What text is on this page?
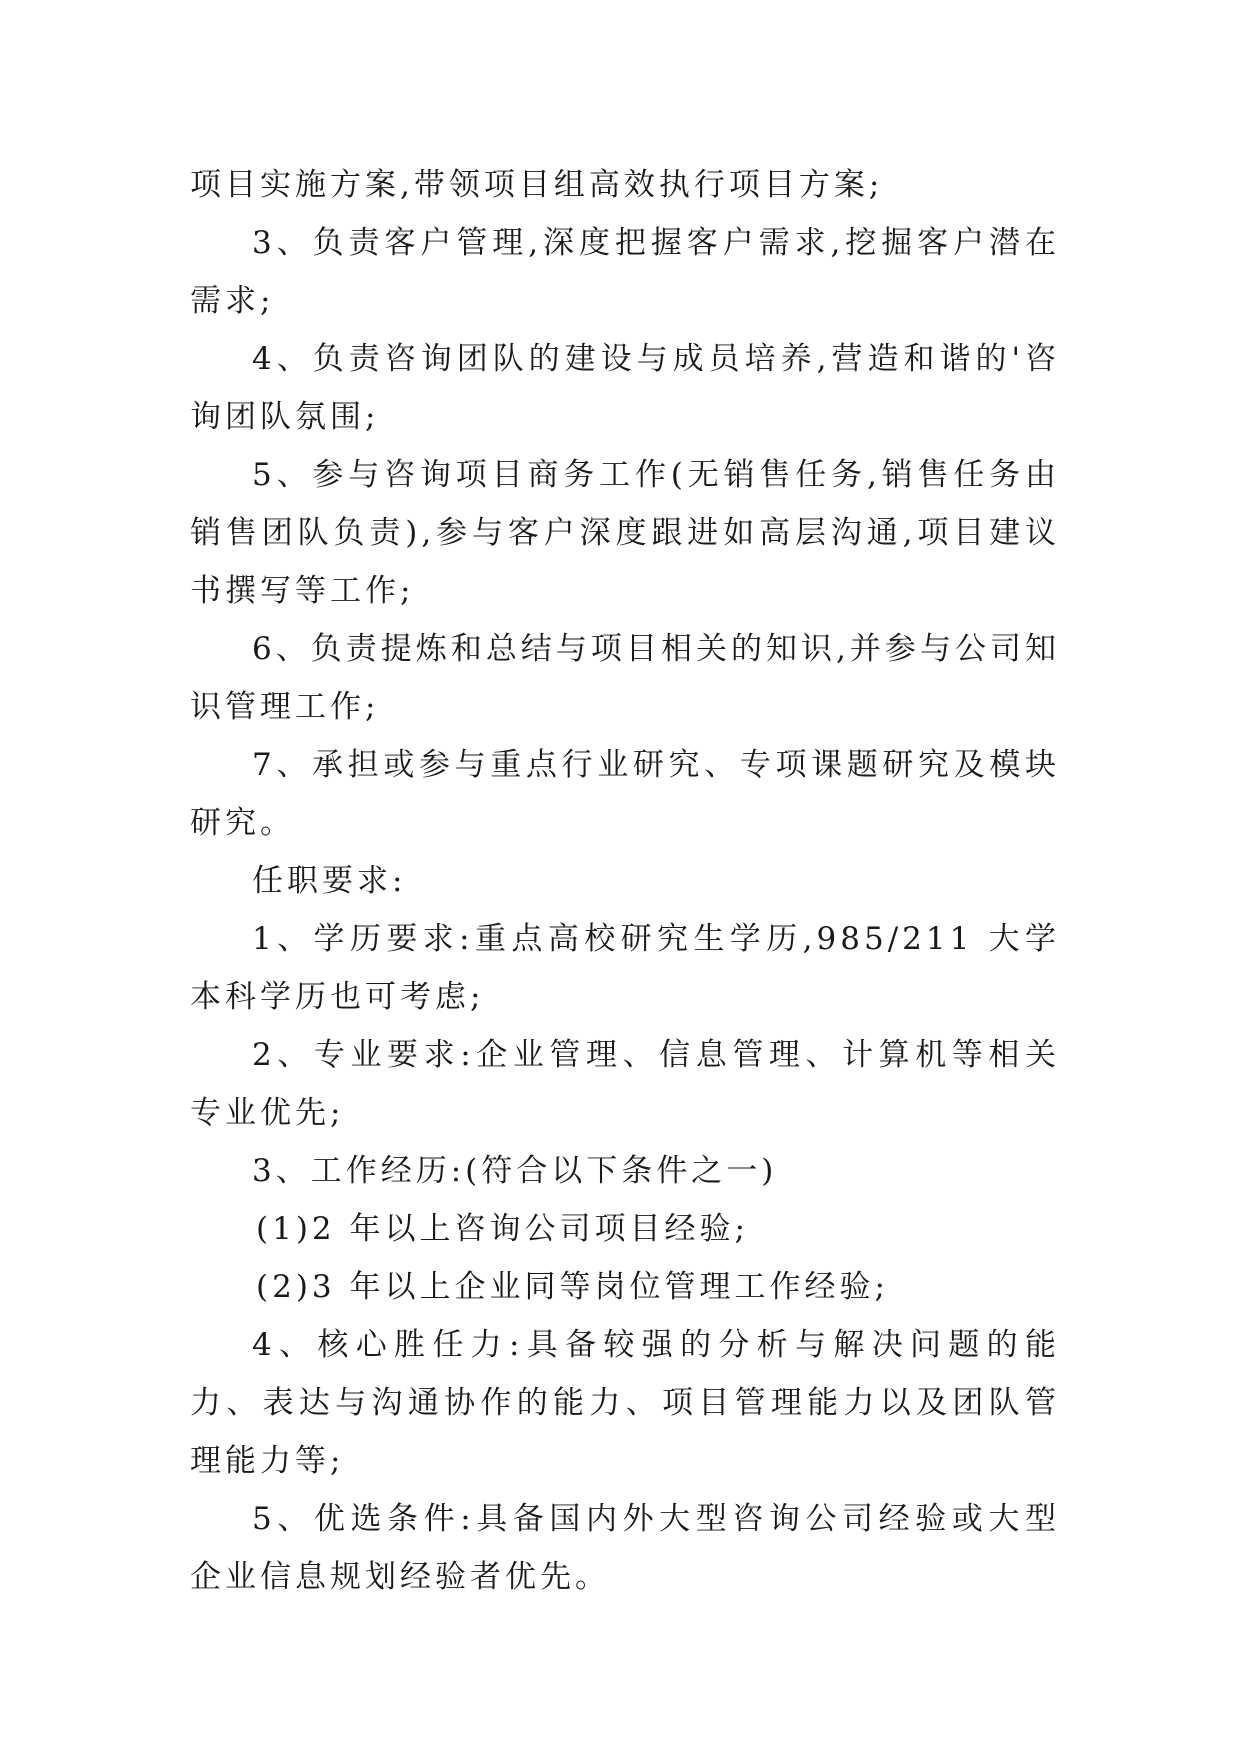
项目实施方案,带领项目组高效执行项目方案;

3、负责客户管理,深度把握客户需求,挖掘客户潜在需求;

4、负责咨询团队的建设与成员培养,营造和谐的'咨询团队氛围;

5、参与咨询项目商务工作(无销售任务,销售任务由销售团队负责),参与客户深度跟进如高层沟通,项目建议书撰写等工作;

6、负责提炼和总结与项目相关的知识,并参与公司知识管理工作;

7、承担或参与重点行业研究、专项课题研究及模块研究。

任职要求:

1、学历要求:重点高校研究生学历,985/211 大学本科学历也可考虑;

2、专业要求:企业管理、信息管理、计算机等相关专业优先;

3、工作经历:(符合以下条件之一)

(1)2 年以上咨询公司项目经验;

(2)3 年以上企业同等岗位管理工作经验;

4、核心胜任力:具备较强的分析与解决问题的能力、表达与沟通协作的能力、项目管理能力以及团队管理能力等;

5、优选条件:具备国内外大型咨询公司经验或大型企业信息规划经验者优先。
